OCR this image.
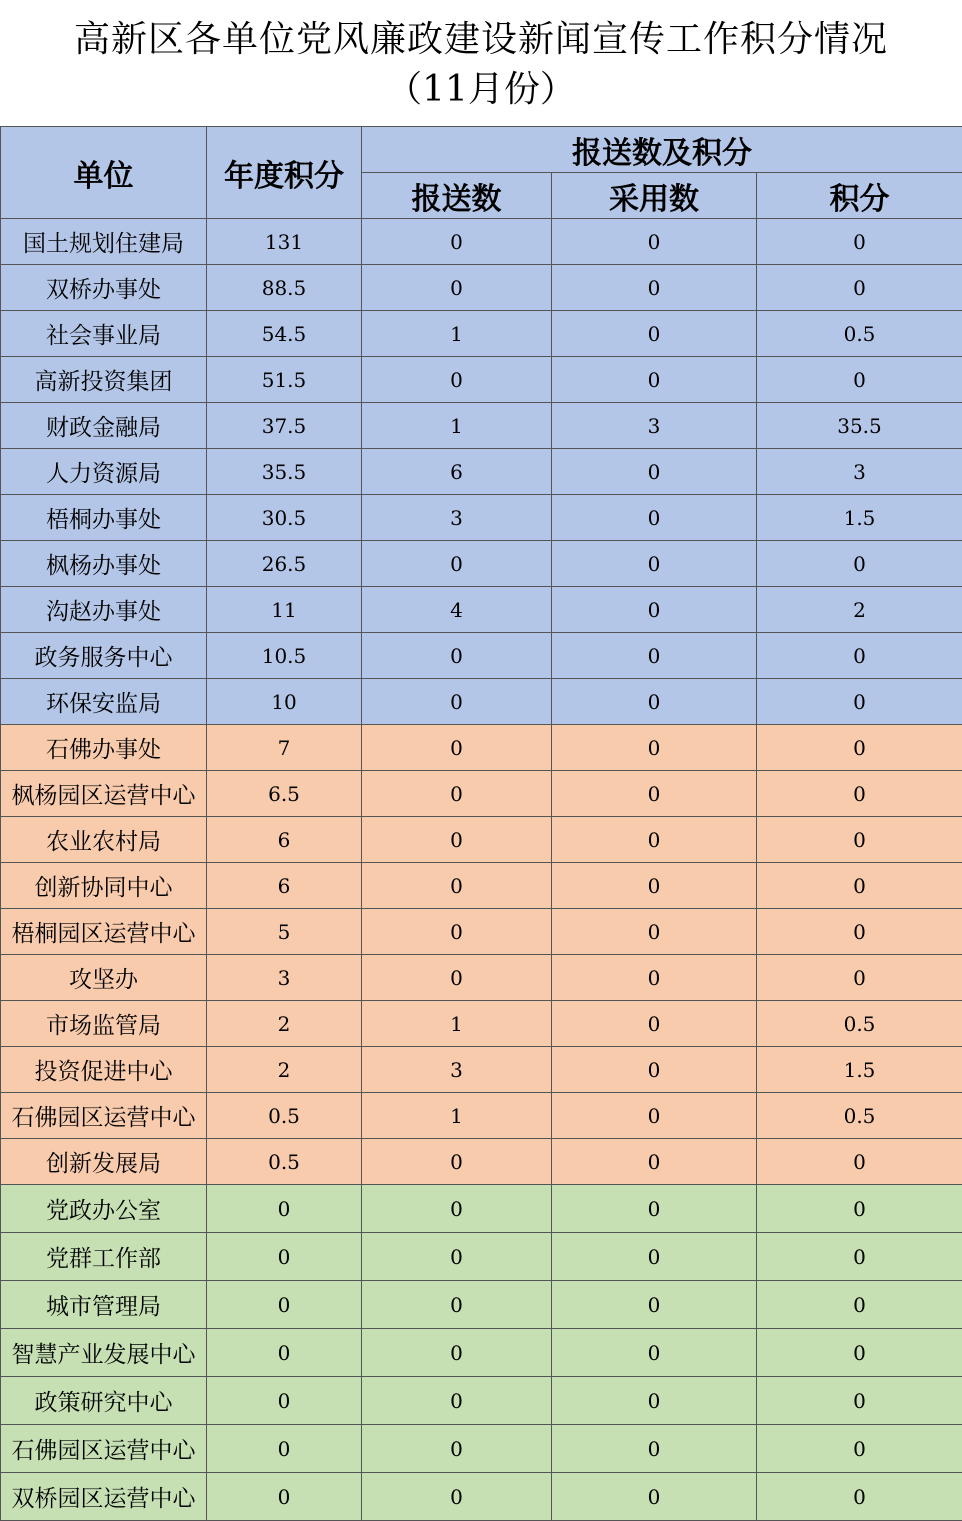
高新区各单位党风廉政建设新闻宣传工作积分情况
（11月份）
单位	年度积分	报送数及积分		
		报送数	采用数	积分
国土规划住建局	131	0	0	0
双桥办事处	88.5	0	0	0
社会事业局	54.5	1	0	0.5
高新投资集团	51.5	0	0	0
财政金融局	37.5	1	3	35.5
人力资源局	35.5	6	0	3
梧桐办事处	30.5	3	0	1.5
枫杨办事处	26.5	0	0	0
沟赵办事处	11	4	0	2
政务服务中心	10.5	0	0	0
环保安监局	10	0	0	0
石佛办事处	7	0	0	0
枫杨园区运营中心	6.5	0	0	0
农业农村局	6	0	0	0
创新协同中心	6	0	0	0
梧桐园区运营中心	5	0	0	0
攻坚办	3	0	0	0
市场监管局	2	1	0	0.5
投资促进中心	2	3	0	1.5
石佛园区运营中心	0.5	1	0	0.5
创新发展局	0.5	0	0	0
党政办公室	0	0	0	0
党群工作部	0	0	0	0
城市管理局	0	0	0	0
智慧产业发展中心	0	0	0	0
政策研究中心	0	0	0	0
石佛园区运营中心	0	0	0	0
双桥园区运营中心	0	0	0	0
